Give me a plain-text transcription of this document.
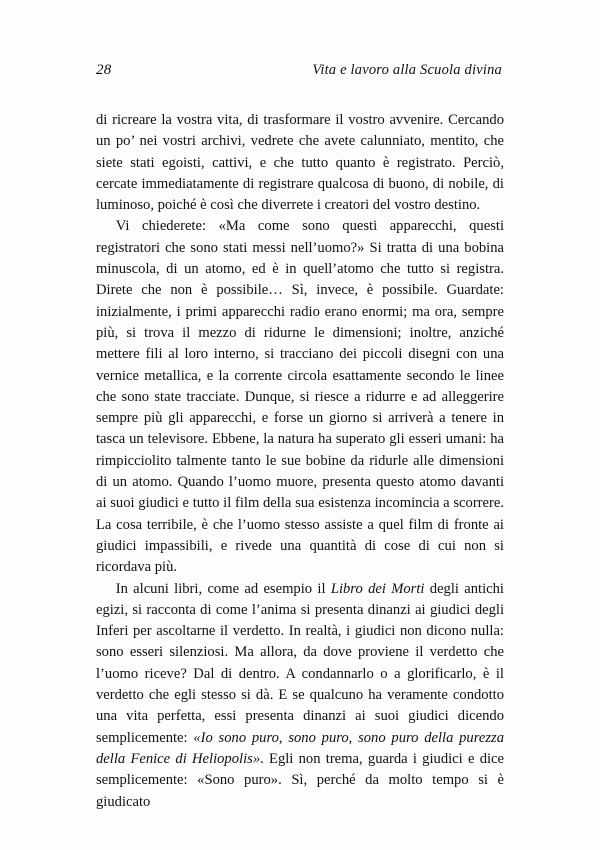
28	Vita e lavoro alla Scuola divina

di ricreare la vostra vita, di trasformare il vostro avvenire. Cercando un po’ nei vostri archivi, vedrete che avete calunniato, mentito, che siete stati egoisti, cattivi, e che tutto quanto è registrato. Perciò, cercate immediatamente di registrare qualcosa di buono, di nobile, di luminoso, poiché è così che diverrete i creatori del vostro destino.

Vi chiederete: «Ma come sono questi apparecchi, questi registratori che sono stati messi nell’uomo?» Si tratta di una bobina minuscola, di un atomo, ed è in quell’atomo che tutto si registra. Direte che non è possibile… Sì, invece, è possibile. Guardate: inizialmente, i primi apparecchi radio erano enormi; ma ora, sempre più, si trova il mezzo di ridurne le dimensioni; inoltre, anziché mettere fili al loro interno, si tracciano dei piccoli disegni con una vernice metallica, e la corrente circola esattamente secondo le linee che sono state tracciate. Dunque, si riesce a ridurre e ad alleggerire sempre più gli apparecchi, e forse un giorno si arriverà a tenere in tasca un televisore. Ebbene, la natura ha superato gli esseri umani: ha rimpicciolito talmente tanto le sue bobine da ridurle alle dimensioni di un atomo. Quando l’uomo muore, presenta questo atomo davanti ai suoi giudici e tutto il film della sua esistenza incomincia a scorrere. La cosa terribile, è che l’uomo stesso assiste a quel film di fronte ai giudici impassibili, e rivede una quantità di cose di cui non si ricordava più.

In alcuni libri, come ad esempio il Libro dei Morti degli antichi egizi, si racconta di come l’anima si presenta dinanzi ai giudici degli Inferi per ascoltarne il verdetto. In realtà, i giudici non dicono nulla: sono esseri silenziosi. Ma allora, da dove proviene il verdetto che l’uomo riceve? Dal di dentro. A condannarlo o a glorificarlo, è il verdetto che egli stesso si dà. E se qualcuno ha veramente condotto una vita perfetta, essi presenta dinanzi ai suoi giudici dicendo semplicemente: «Io sono puro, sono puro, sono puro della purezza della Fenice di Heliopolis». Egli non trema, guarda i giudici e dice semplicemente: «Sono puro». Sì, perché da molto tempo si è giudicato
